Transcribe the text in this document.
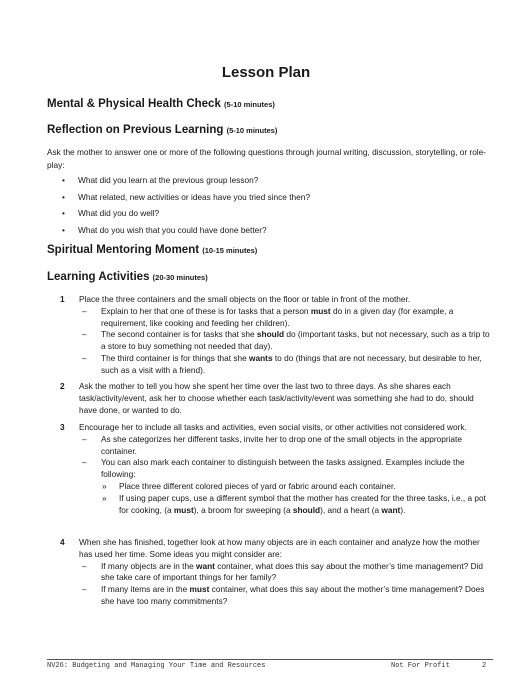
Lesson Plan
Mental & Physical Health Check (5-10 minutes)
Reflection on Previous Learning (5-10 minutes)

Ask the mother to answer one or more of the following questions through journal writing, discussion, storytelling, or role-play:

• What did you learn at the previous group lesson?
• What related, new activities or ideas have you tried since then?
• What did you do well?
• What do you wish that you could have done better?
Spiritual Mentoring Moment (10-15 minutes)
Learning Activities (20-30 minutes)
1 Place the three containers and the small objects on the floor or table in front of the mother.
– Explain to her that one of these is for tasks that a person must do in a given day (for example, a requirement, like cooking and feeding her children).
– The second container is for tasks that she should do (important tasks, but not necessary, such as a trip to a store to buy something not needed that day).
– The third container is for things that she wants to do (things that are not necessary, but desirable to her, such as a visit with a friend).
2 Ask the mother to tell you how she spent her time over the last two to three days. As she shares each task/activity/event, ask her to choose whether each task/activity/event was something she had to do, should have done, or wanted to do.
3 Encourage her to include all tasks and activities, even social visits, or other activities not considered work.
– As she categorizes her different tasks, invite her to drop one of the small objects in the appropriate container.
– You can also mark each container to distinguish between the tasks assigned. Examples include the following:
» Place three different colored pieces of yard or fabric around each container.
» If using paper cups, use a different symbol that the mother has created for the three tasks, i.e., a pot for cooking, (a must), a broom for sweeping (a should), and a heart (a want).
4 When she has finished, together look at how many objects are in each container and analyze how the mother has used her time. Some ideas you might consider are:
– If many objects are in the want container, what does this say about the mother’s time management? Did she take care of important things for her family?
– If many items are in the must container, what does this say about the mother’s time management? Does she have too many commitments?
NV26: Budgeting and Managing Your Time and Resources	Not For Profit	2
